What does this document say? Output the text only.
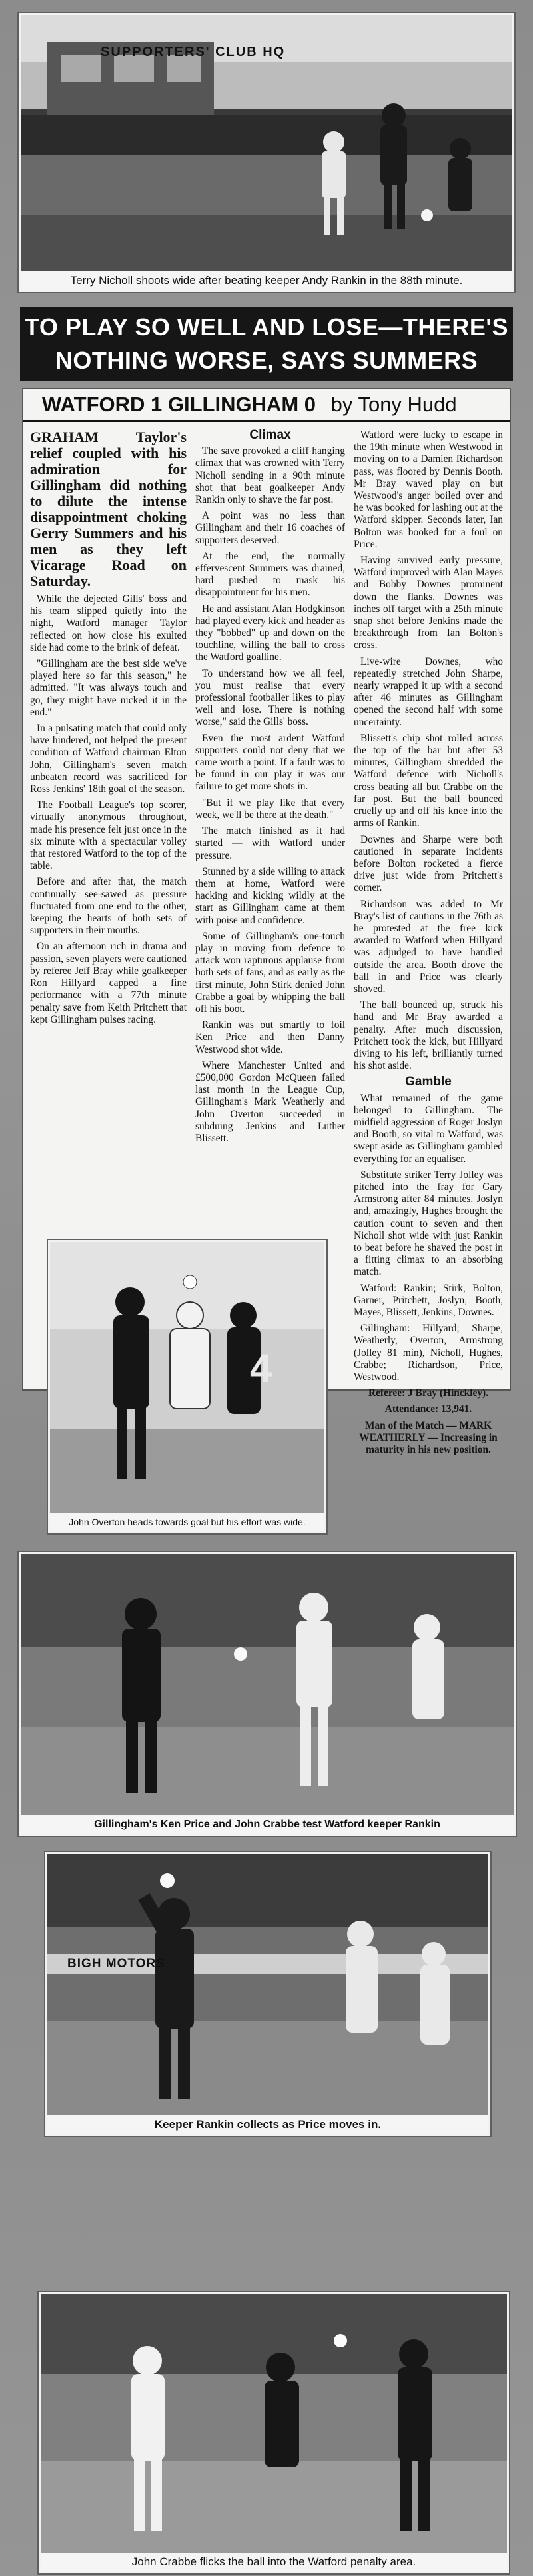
SUPPORTERS' CLUB HQ
Terry Nicholl shoots wide after beating keeper Andy Rankin in the 88th minute.
TO PLAY SO WELL AND LOSE—THERE'S
NOTHING WORSE, SAYS SUMMERS
WATFORD 1 GILLINGHAM 0 by Tony Hudd

GRAHAM Taylor's relief coupled with his admiration for Gillingham did nothing to dilute the intense disappointment choking Gerry Summers and his men as they left Vicarage Road on Saturday.

While the dejected Gills' boss and his team slipped quietly into the night, Watford manager Taylor reflected on how close his exulted side had come to the brink of defeat.

"Gillingham are the best side we've played here so far this season," he admitted. "It was always touch and go, they might have nicked it in the end."

In a pulsating match that could only have hindered, not helped the present condition of Watford chairman Elton John, Gillingham's seven match unbeaten record was sacrificed for Ross Jenkins' 18th goal of the season.

The Football League's top scorer, virtually anonymous throughout, made his presence felt just once in the six minute with a spectacular volley that restored Watford to the top of the table.

Before and after that, the match continually see-sawed as pressure fluctuated from one end to the other, keeping the hearts of both sets of supporters in their mouths.

On an afternoon rich in drama and passion, seven players were cautioned by referee Jeff Bray while goalkeeper Ron Hillyard capped a fine performance with a 77th minute penalty save from Keith Pritchett that kept Gillingham pulses racing.

Climax

The save provoked a cliff hanging climax that was crowned with Terry Nicholl sending in a 90th minute shot that beat goalkeeper Andy Rankin only to shave the far post.

A point was no less than Gillingham and their 16 coaches of supporters deserved.

At the end, the normally effervescent Summers was drained, hard pushed to mask his disappointment for his men.

He and assistant Alan Hodgkinson had played every kick and header as they "bobbed" up and down on the touchline, willing the ball to cross the Watford goalline.

To understand how we all feel, you must realise that every professional footballer likes to play well and lose. There is nothing worse," said the Gills' boss.

Even the most ardent Watford supporters could not deny that we came worth a point. If a fault was to be found in our play it was our failure to get more shots in.

"But if we play like that every week, we'll be there at the death."

The match finished as it had started — with Watford under pressure.

Stunned by a side willing to attack them at home, Watford were hacking and kicking wildly at the start as Gillingham came at them with poise and confidence.

Some of Gillingham's one-touch play in moving from defence to attack won rapturous applause from both sets of fans, and as early as the first minute, John Stirk denied John Crabbe a goal by whipping the ball off his boot.

Rankin was out smartly to foil Ken Price and then Danny Westwood shot wide.

Where Manchester United and £500,000 Gordon McQueen failed last month in the League Cup, Gillingham's Mark Weatherly and John Overton succeeded in subduing Jenkins and Luther Blissett.

Watford were lucky to escape in the 19th minute when Westwood in moving on to a Damien Richardson pass, was floored by Dennis Booth. Mr Bray waved play on but Westwood's anger boiled over and he was booked for lashing out at the Watford skipper. Seconds later, Ian Bolton was booked for a foul on Price.

Having survived early pressure, Watford improved with Alan Mayes and Bobby Downes prominent down the flanks. Downes was inches off target with a 25th minute snap shot before Jenkins made the breakthrough from Ian Bolton's cross.

Live-wire Downes, who repeatedly stretched John Sharpe, nearly wrapped it up with a second after 46 minutes as Gillingham opened the second half with some uncertainty.

Blissett's chip shot rolled across the top of the bar but after 53 minutes, Gillingham shredded the Watford defence with Nicholl's cross beating all but Crabbe on the far post. But the ball bounced cruelly up and off his knee into the arms of Rankin.

Downes and Sharpe were both cautioned in separate incidents before Bolton rocketed a fierce drive just wide from Pritchett's corner.

Richardson was added to Mr Bray's list of cautions in the 76th as he protested at the free kick awarded to Watford when Hillyard was adjudged to have handled outside the area. Booth drove the ball in and Price was clearly shoved.

The ball bounced up, struck his hand and Mr Bray awarded a penalty. After much discussion, Pritchett took the kick, but Hillyard diving to his left, brilliantly turned his shot aside.

Gamble

What remained of the game belonged to Gillingham. The midfield aggression of Roger Joslyn and Booth, so vital to Watford, was swept aside as Gillingham gambled everything for an equaliser.

Substitute striker Terry Jolley was pitched into the fray for Gary Armstrong after 84 minutes. Joslyn and, amazingly, Hughes brought the caution count to seven and then Nicholl shot wide with just Rankin to beat before he shaved the post in a fitting climax to an absorbing match.

Watford: Rankin; Stirk, Bolton, Garner, Pritchett, Joslyn, Booth, Mayes, Blissett, Jenkins, Downes.

Gillingham: Hillyard; Sharpe, Weatherly, Overton, Armstrong (Jolley 81 min), Nicholl, Hughes, Crabbe; Richardson, Price, Westwood.

Referee: J Bray (Hinckley).

Attendance: 13,941.

Man of the Match — MARK WEATHERLY — Increasing in maturity in his new position.

4
John Overton heads towards goal but his effort was wide.
Gillingham's Ken Price and John Crabbe test Watford keeper Rankin
BIGH MOTORS
Keeper Rankin collects as Price moves in.
John Crabbe flicks the ball into the Watford penalty area.
